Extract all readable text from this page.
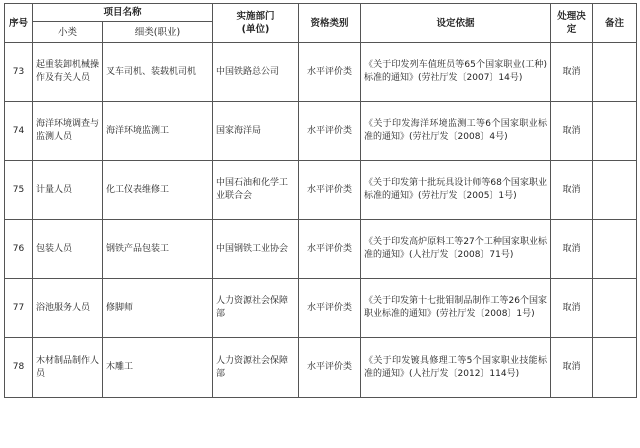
序号	项目名称		实施部门
(单位)	资格类别	设定依据	处理决定	备注
	小类	细类(职业)					
73	起重装卸机械操作及有关人员	叉车司机、装载机司机	中国铁路总公司	水平评价类	《关于印发列车值班员等65个国家职业(工种)标准的通知》(劳社厅发〔2007〕14号)	取消	
74	海洋环境调查与监测人员	海洋环境监测工	国家海洋局	水平评价类	《关于印发海洋环境监测工等6个国家职业标准的通知》(劳社厅发〔2008〕4号)	取消	
75	计量人员	化工仪表维修工	中国石油和化学工业联合会	水平评价类	《关于印发第十批玩具设计师等68个国家职业标准的通知》(劳社厅发〔2005〕1号)	取消	
76	包装人员	钢铁产品包装工	中国钢铁工业协会	水平评价类	《关于印发高炉原料工等27个工种国家职业标准的通知》(人社厅发〔2008〕71号)	取消	
77	浴池服务人员	修脚师	人力资源社会保障部	水平评价类	《关于印发第十七批钼制品制作工等26个国家职业标准的通知》(劳社厅发〔2008〕1号)	取消	
78	木材制品制作人员	木雕工	人力资源社会保障部	水平评价类	《关于印发镀具修理工等5个国家职业技能标准的通知》(人社厅发〔2012〕114号)	取消	
